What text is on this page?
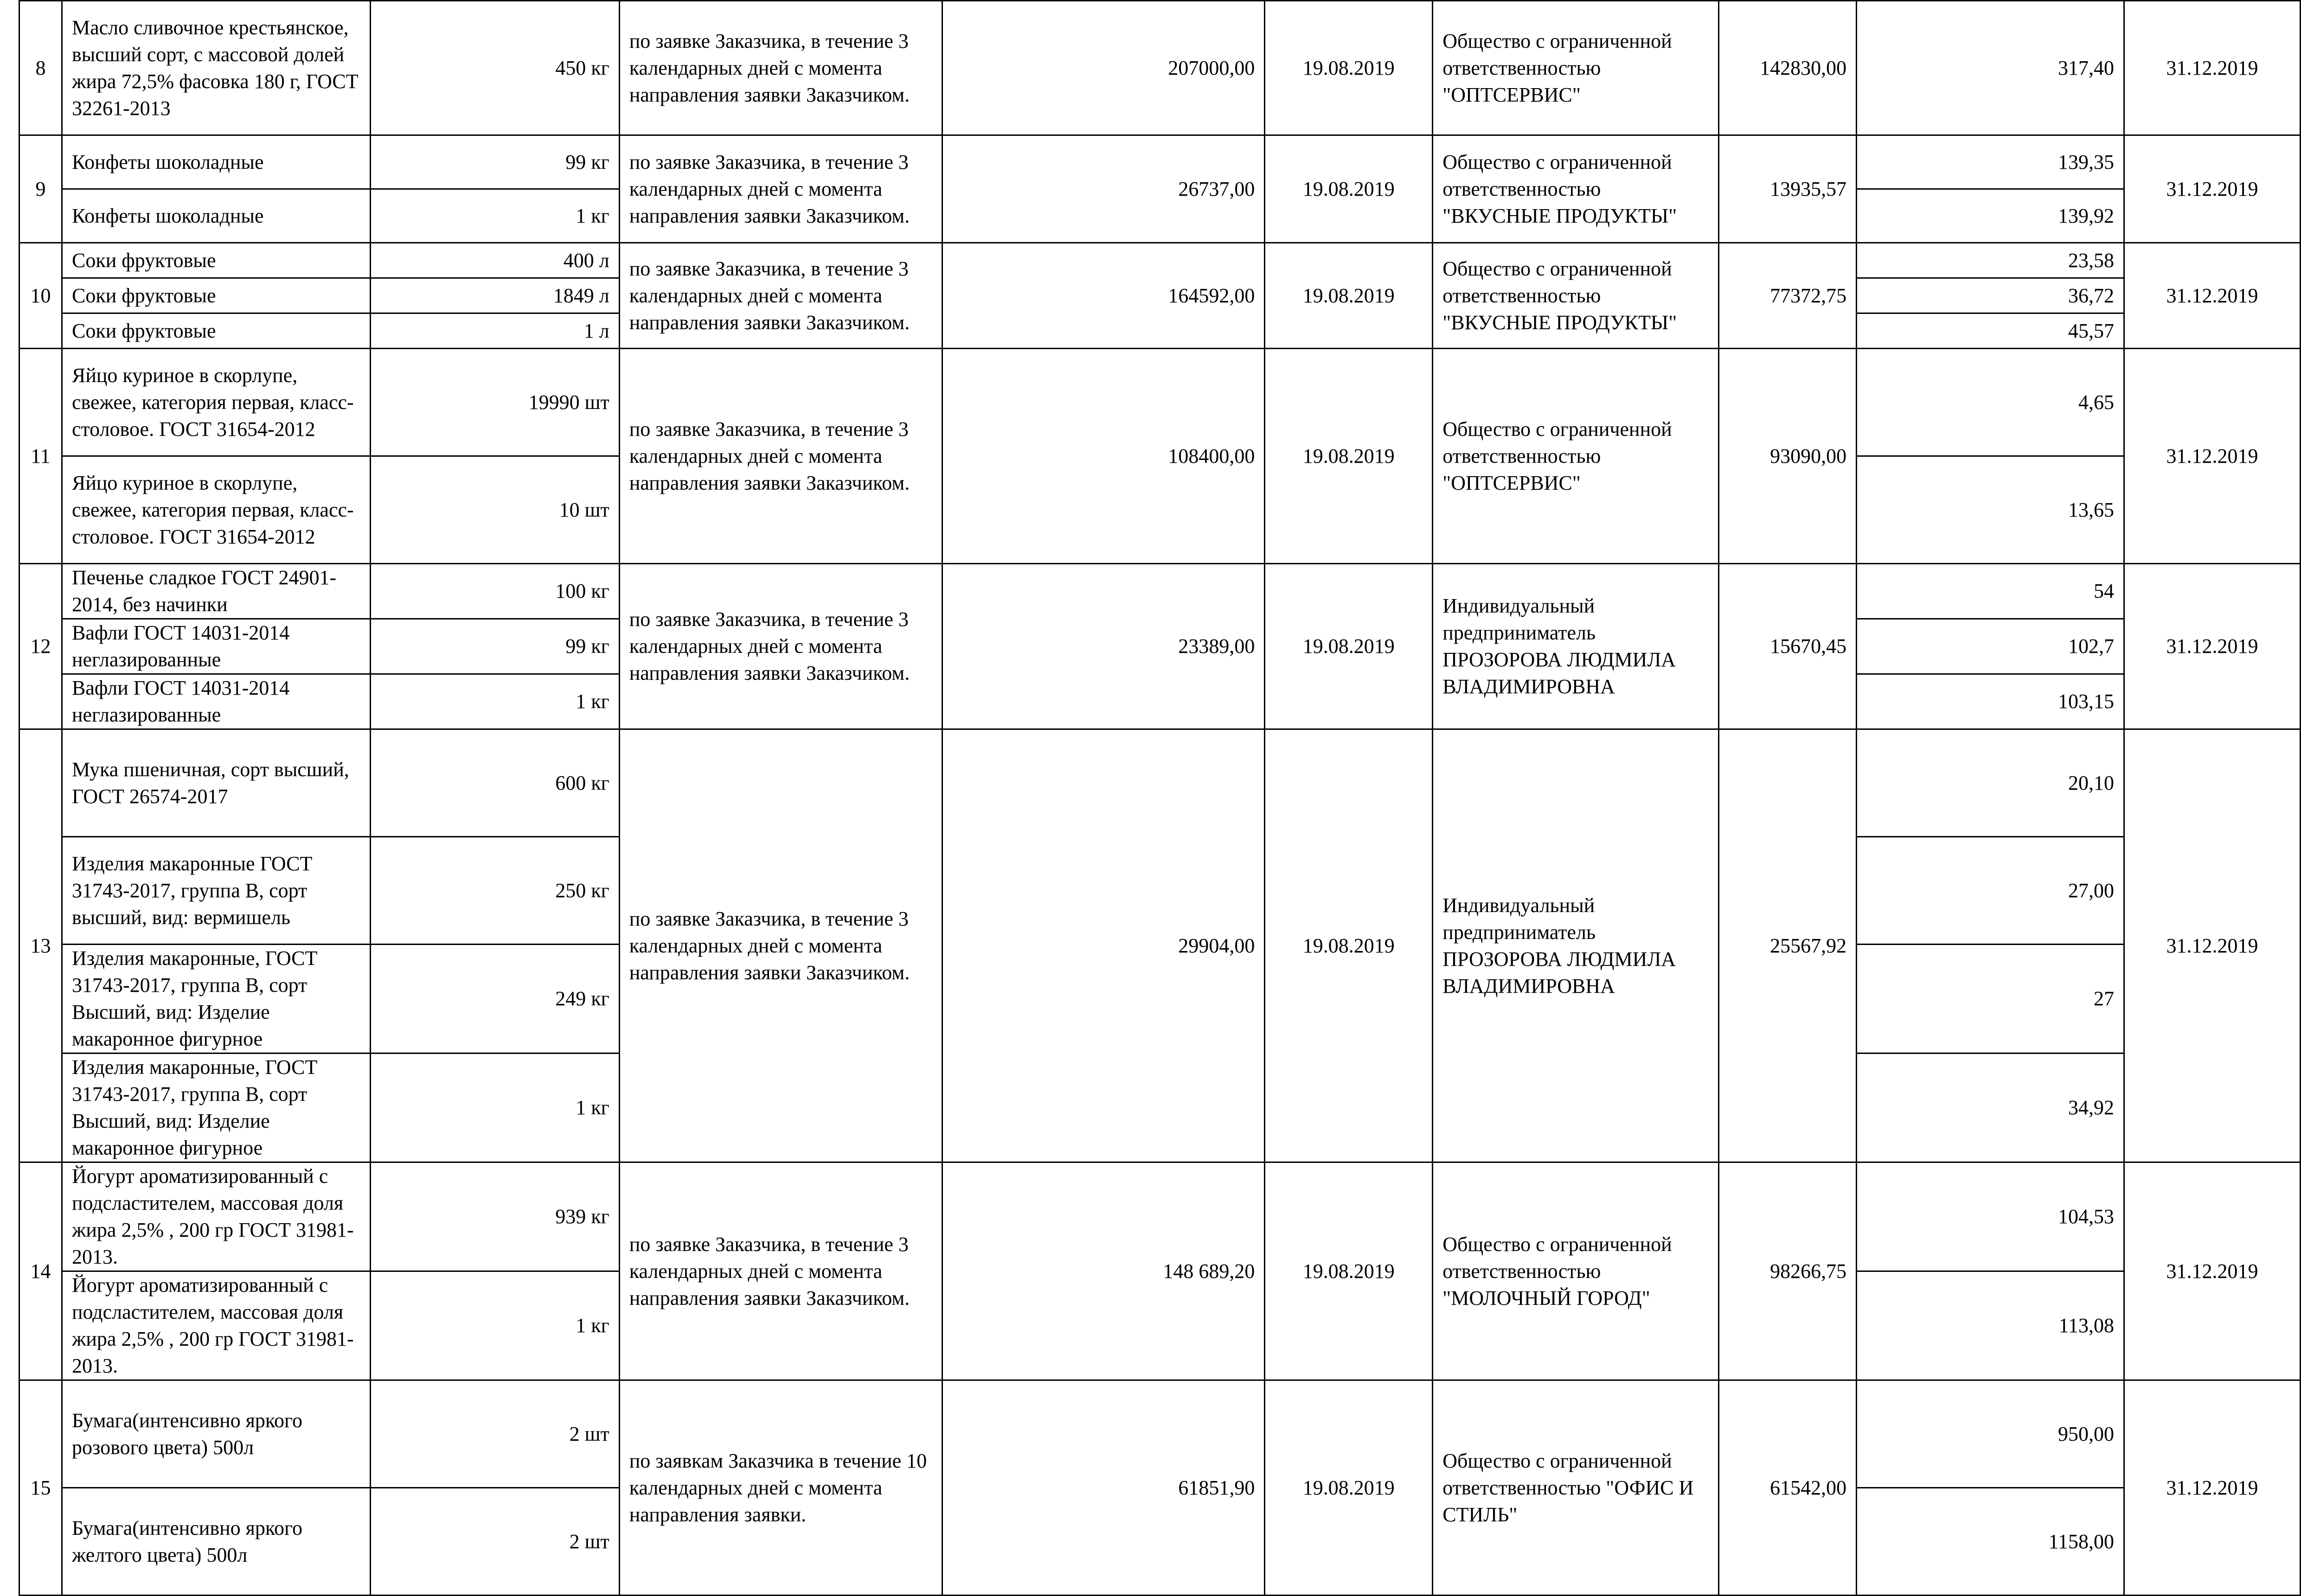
8	Масло сливочное крестьянское, высший сорт, с массовой долей жира 72,5% фасовка 180 г, ГОСТ 32261-2013	450 кг	по заявке Заказчика, в течение 3 календарных дней с момента направления заявки Заказчиком.	207000,00	19.08.2019	Общество с ограниченной ответственностью "ОПТСЕРВИС"	142830,00	317,40	31.12.2019
9	Конфеты шоколадные	99 кг	по заявке Заказчика, в течение 3 календарных дней с момента направления заявки Заказчиком.	26737,00	19.08.2019	Общество с ограниченной ответственностью "ВКУСНЫЕ ПРОДУКТЫ"	13935,57	139,35	31.12.2019
	Конфеты шоколадные	1 кг						139,92	
10	Соки фруктовые	400 л	по заявке Заказчика, в течение 3 календарных дней с момента направления заявки Заказчиком.	164592,00	19.08.2019	Общество с ограниченной ответственностью "ВКУСНЫЕ ПРОДУКТЫ"	77372,75	23,58	31.12.2019
	Соки фруктовые	1849 л						36,72	
	Соки фруктовые	1 л						45,57	
11	Яйцо куриное в скорлупе, свежее, категория первая, класс- столовое. ГОСТ 31654-2012	19990 шт	по заявке Заказчика, в течение 3 календарных дней с момента направления заявки Заказчиком.	108400,00	19.08.2019	Общество с ограниченной ответственностью "ОПТСЕРВИС"	93090,00	4,65	31.12.2019
	Яйцо куриное в скорлупе, свежее, категория первая, класс-столовое. ГОСТ 31654-2012	10 шт						13,65	
12	Печенье сладкое ГОСТ 24901-2014, без начинки	100 кг	по заявке Заказчика, в течение 3 календарных дней с момента направления заявки Заказчиком.	23389,00	19.08.2019	Индивидуальный предприниматель ПРОЗОРОВА ЛЮДМИЛА ВЛАДИМИРОВНА	15670,45	54	31.12.2019
	Вафли ГОСТ 14031-2014 неглазированные	99 кг						102,7	
	Вафли ГОСТ 14031-2014 неглазированные	1 кг						103,15	
13	Мука пшеничная, сорт высший, ГОСТ 26574-2017	600 кг	по заявке Заказчика, в течение 3 календарных дней с момента направления заявки Заказчиком.	29904,00	19.08.2019	Индивидуальный предприниматель ПРОЗОРОВА ЛЮДМИЛА ВЛАДИМИРОВНА	25567,92	20,10	31.12.2019
	Изделия макаронные ГОСТ 31743-2017, группа В, сорт высший, вид: вермишель	250 кг						27,00	
	Изделия макаронные, ГОСТ 31743-2017, группа В, сорт Высший, вид: Изделие макаронное фигурное	249 кг						27	
	Изделия макаронные, ГОСТ 31743-2017, группа В, сорт Высший, вид: Изделие макаронное фигурное	1 кг						34,92	
14	Йогурт ароматизированный с подсластителем, массовая доля жира 2,5% , 200 гр ГОСТ 31981-2013.	939 кг	по заявке Заказчика, в течение 3 календарных дней с момента направления заявки Заказчиком.	148 689,20	19.08.2019	Общество с ограниченной ответственностью "МОЛОЧНЫЙ ГОРОД"	98266,75	104,53	31.12.2019
	Йогурт ароматизированный с подсластителем, массовая доля жира 2,5% , 200 гр ГОСТ 31981-2013.	1 кг						113,08	
15	Бумага(интенсивно яркого розового цвета) 500л	2 шт	по заявкам Заказчика в течение 10 календарных дней с момента направления заявки.	61851,90	19.08.2019	Общество с ограниченной ответственностью "ОФИС И СТИЛЬ"	61542,00	950,00	31.12.2019
	Бумага(интенсивно яркого желтого цвета) 500л	2 шт						1158,00	
